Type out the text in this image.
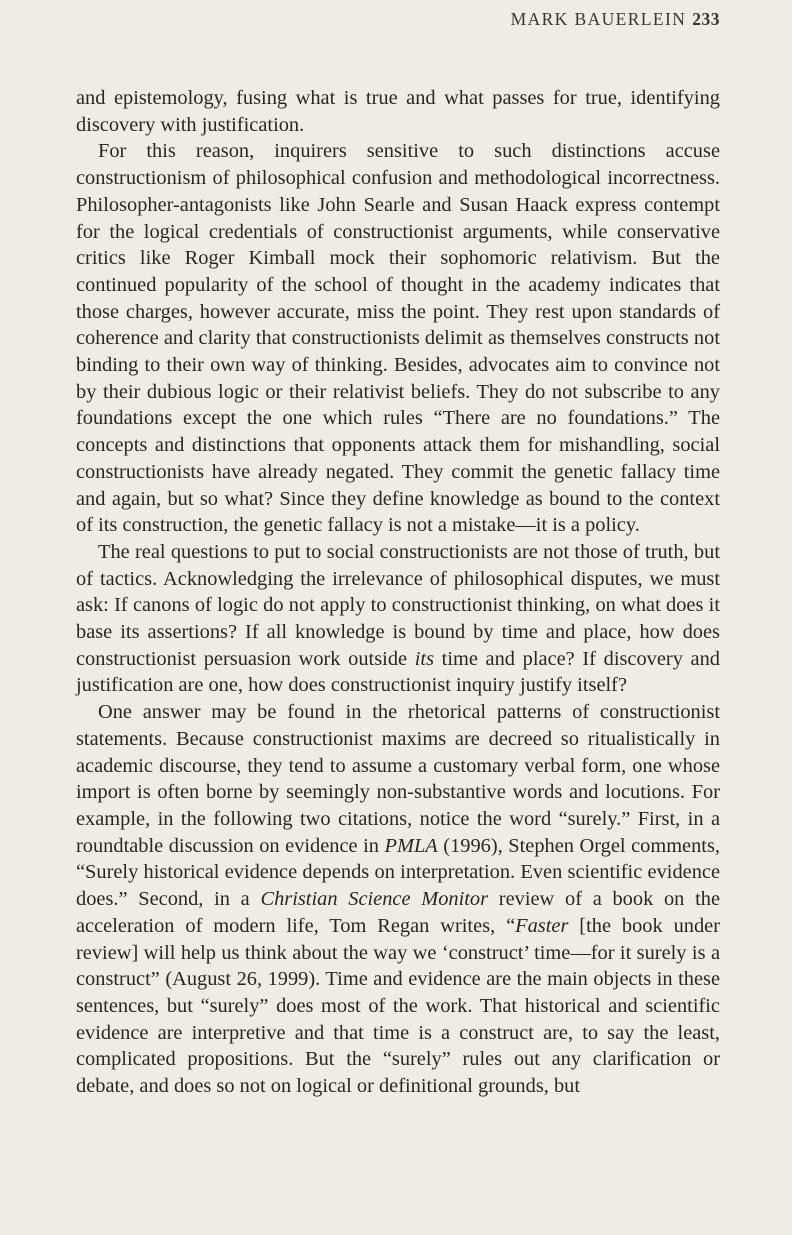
MARK BAUERLEIN 233

and epistemology, fusing what is true and what passes for true, identifying discovery with justification.

For this reason, inquirers sensitive to such distinctions accuse constructionism of philosophical confusion and methodological incorrectness. Philosopher-antagonists like John Searle and Susan Haack express contempt for the logical credentials of constructionist arguments, while conservative critics like Roger Kimball mock their sophomoric relativism. But the continued popularity of the school of thought in the academy indicates that those charges, however accurate, miss the point. They rest upon standards of coherence and clarity that constructionists delimit as themselves constructs not binding to their own way of thinking. Besides, advocates aim to convince not by their dubious logic or their relativist beliefs. They do not subscribe to any foundations except the one which rules “There are no foundations.” The concepts and distinctions that opponents attack them for mishandling, social constructionists have already negated. They commit the genetic fallacy time and again, but so what? Since they define knowledge as bound to the context of its construction, the genetic fallacy is not a mistake—it is a policy.

The real questions to put to social constructionists are not those of truth, but of tactics. Acknowledging the irrelevance of philosophical disputes, we must ask: If canons of logic do not apply to constructionist thinking, on what does it base its assertions? If all knowledge is bound by time and place, how does constructionist persuasion work outside its time and place? If discovery and justification are one, how does constructionist inquiry justify itself?

One answer may be found in the rhetorical patterns of constructionist statements. Because constructionist maxims are decreed so ritualistically in academic discourse, they tend to assume a customary verbal form, one whose import is often borne by seemingly non-substantive words and locutions. For example, in the following two citations, notice the word “surely.” First, in a roundtable discussion on evidence in PMLA (1996), Stephen Orgel comments, “Surely historical evidence depends on interpretation. Even scientific evidence does.” Second, in a Christian Science Monitor review of a book on the acceleration of modern life, Tom Regan writes, “Faster [the book under review] will help us think about the way we ‘construct’ time—for it surely is a construct” (August 26, 1999). Time and evidence are the main objects in these sentences, but “surely” does most of the work. That historical and scientific evidence are interpretive and that time is a construct are, to say the least, complicated propositions. But the “surely” rules out any clarification or debate, and does so not on logical or definitional grounds, but
